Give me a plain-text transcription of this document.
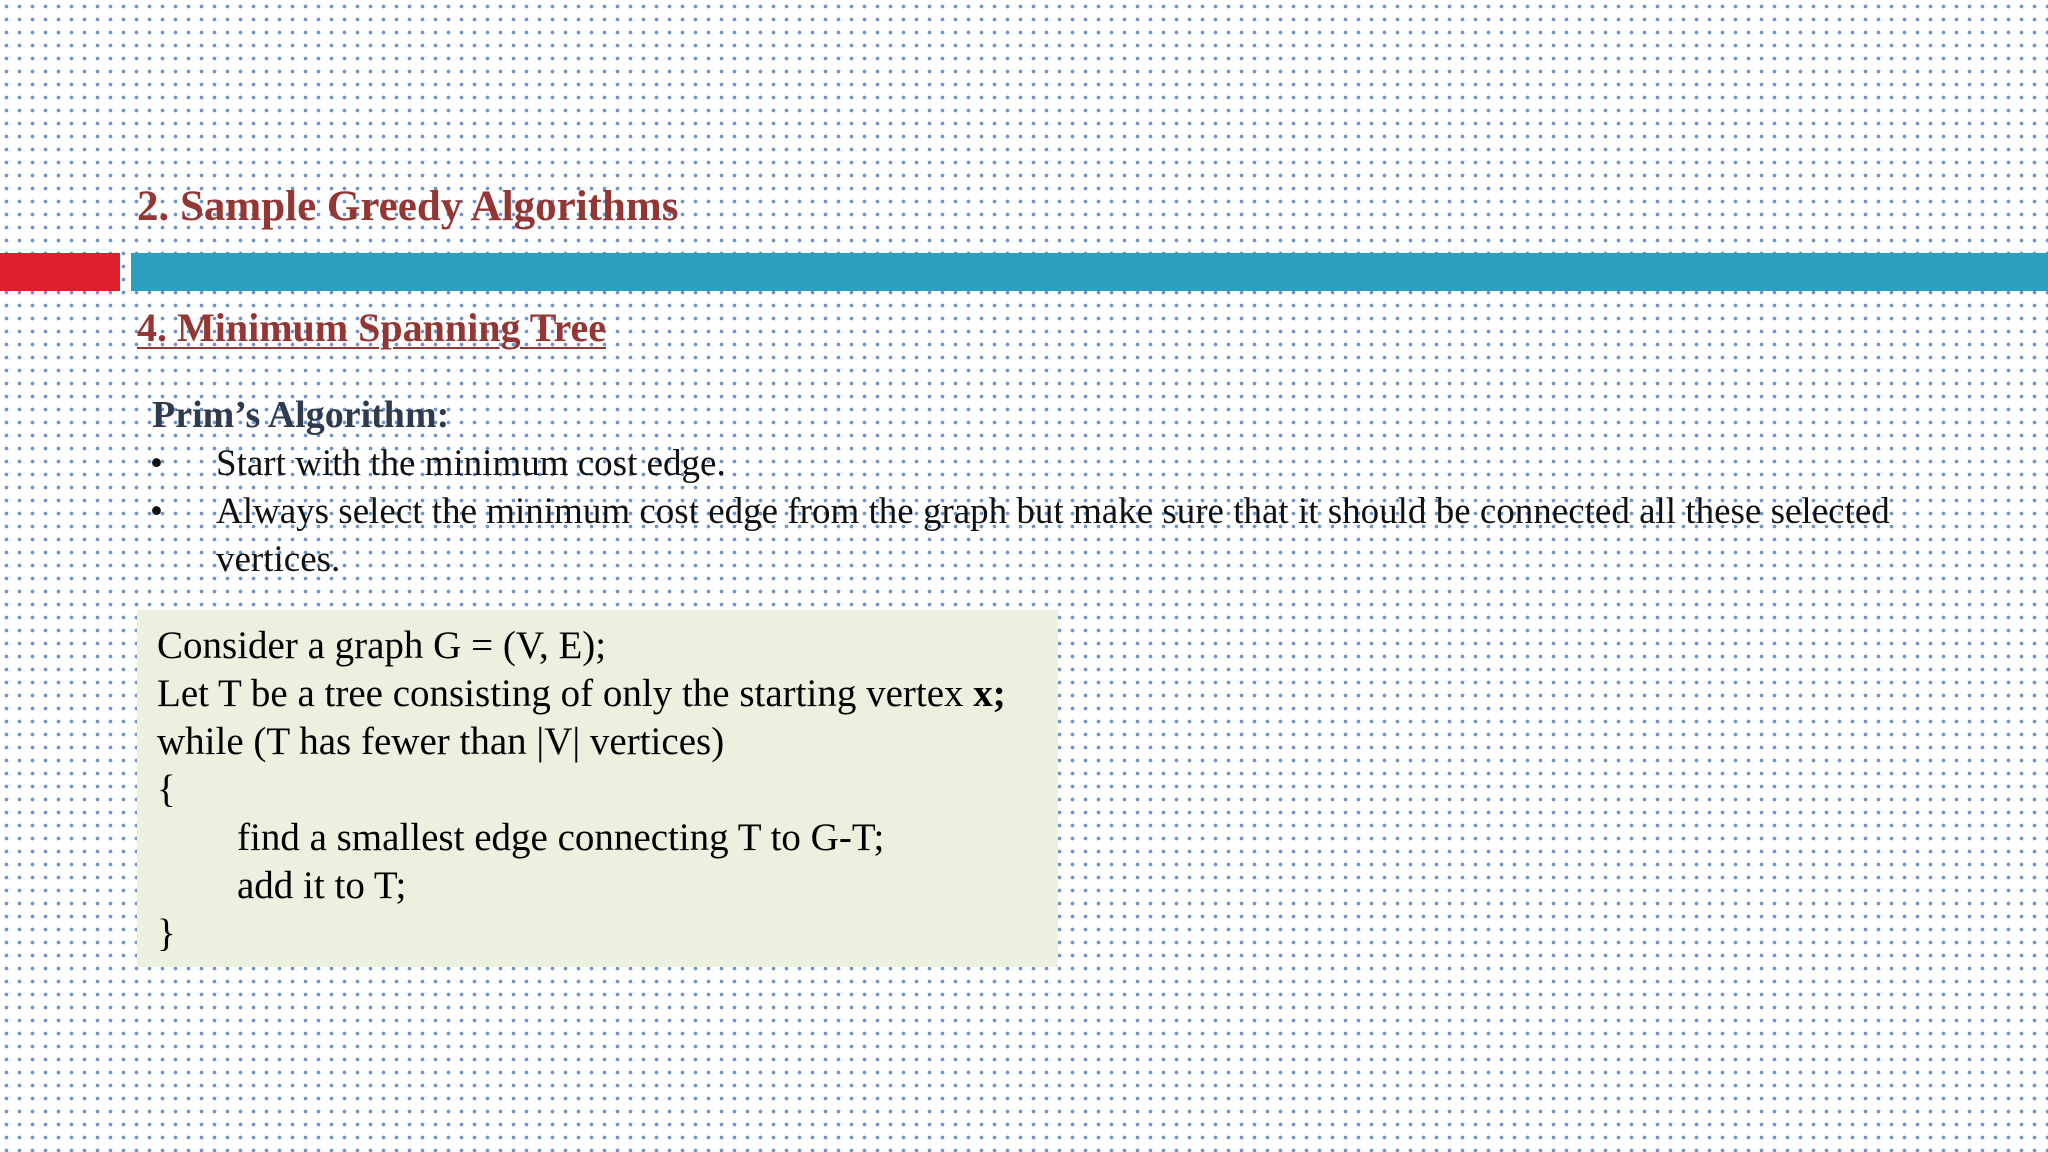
2. Sample Greedy Algorithms
4. Minimum Spanning Tree
Prim’s Algorithm:
• Start with the minimum cost edge.
• Always select the minimum cost edge from the graph but make sure that it should be connected all these selected vertices.
Consider a graph G = (V, E);
Let T be a tree consisting of only the starting vertex x;
while (T has fewer than |V| vertices)
{
find a smallest edge connecting T to G-T;
add it to T;
}
